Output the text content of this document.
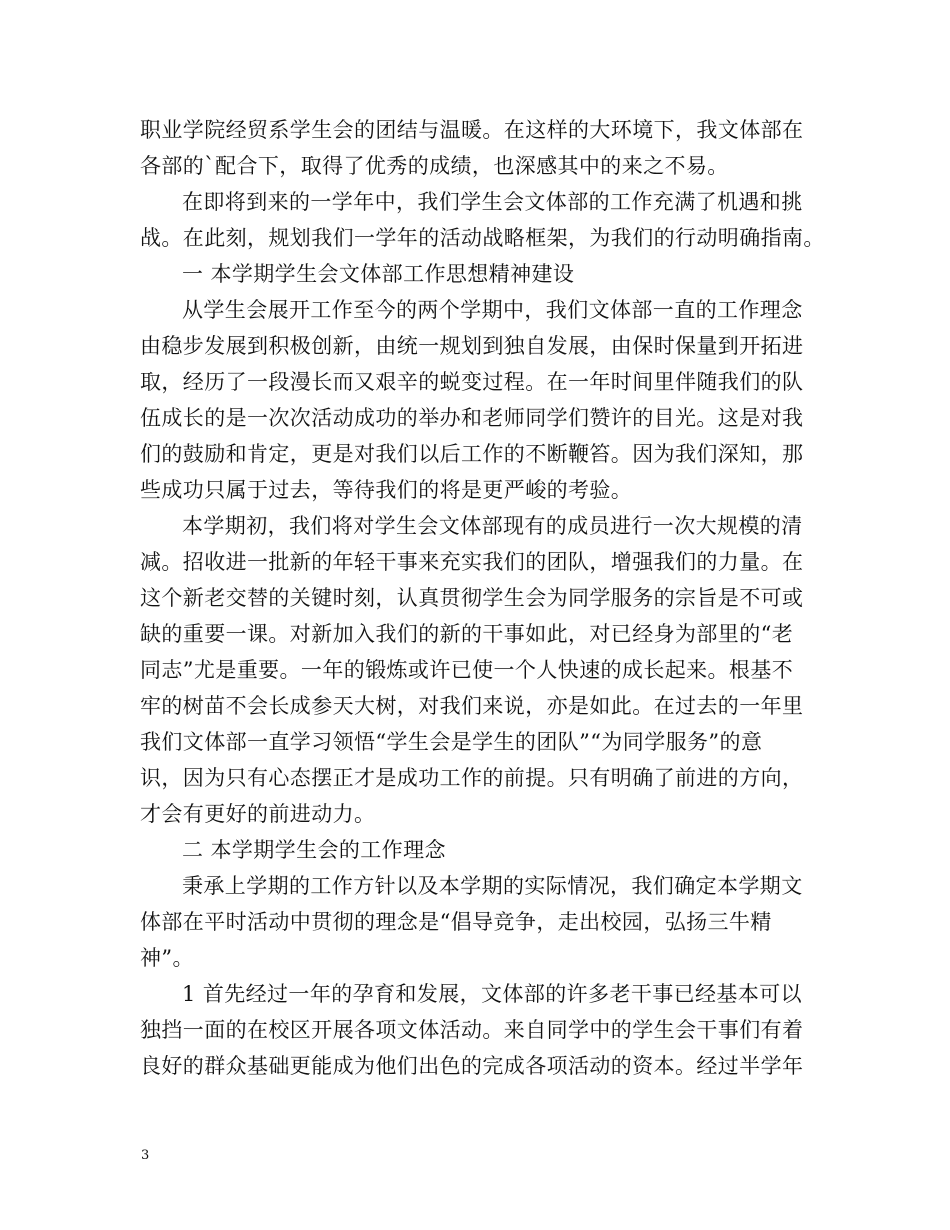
职业学院经贸系学生会的团结与温暖。在这样的大环境下，我文体部在
各部的`配合下，取得了优秀的成绩，也深感其中的来之不易。
在即将到来的一学年中，我们学生会文体部的工作充满了机遇和挑
战。在此刻，规划我们一学年的活动战略框架，为我们的行动明确指南。
一 本学期学生会文体部工作思想精神建设
从学生会展开工作至今的两个学期中，我们文体部一直的工作理念
由稳步发展到积极创新，由统一规划到独自发展，由保时保量到开拓进
取，经历了一段漫长而又艰辛的蜕变过程。在一年时间里伴随我们的队
伍成长的是一次次活动成功的举办和老师同学们赞许的目光。这是对我
们的鼓励和肯定，更是对我们以后工作的不断鞭笞。因为我们深知，那
些成功只属于过去，等待我们的将是更严峻的考验。
本学期初，我们将对学生会文体部现有的成员进行一次大规模的清
减。招收进一批新的年轻干事来充实我们的团队，增强我们的力量。在
这个新老交替的关键时刻，认真贯彻学生会为同学服务的宗旨是不可或
缺的重要一课。对新加入我们的新的干事如此，对已经身为部里的“老
同志”尤是重要。一年的锻炼或许已使一个人快速的成长起来。根基不
牢的树苗不会长成参天大树，对我们来说，亦是如此。在过去的一年里
我们文体部一直学习领悟“学生会是学生的团队”“为同学服务”的意
识，因为只有心态摆正才是成功工作的前提。只有明确了前进的方向，
才会有更好的前进动力。
二 本学期学生会的工作理念
秉承上学期的工作方针以及本学期的实际情况，我们确定本学期文
体部在平时活动中贯彻的理念是“倡导竞争，走出校园，弘扬三牛精
神”。
1 首先经过一年的孕育和发展，文体部的许多老干事已经基本可以
独挡一面的在校区开展各项文体活动。来自同学中的学生会干事们有着
良好的群众基础更能成为他们出色的完成各项活动的资本。经过半学年
3
